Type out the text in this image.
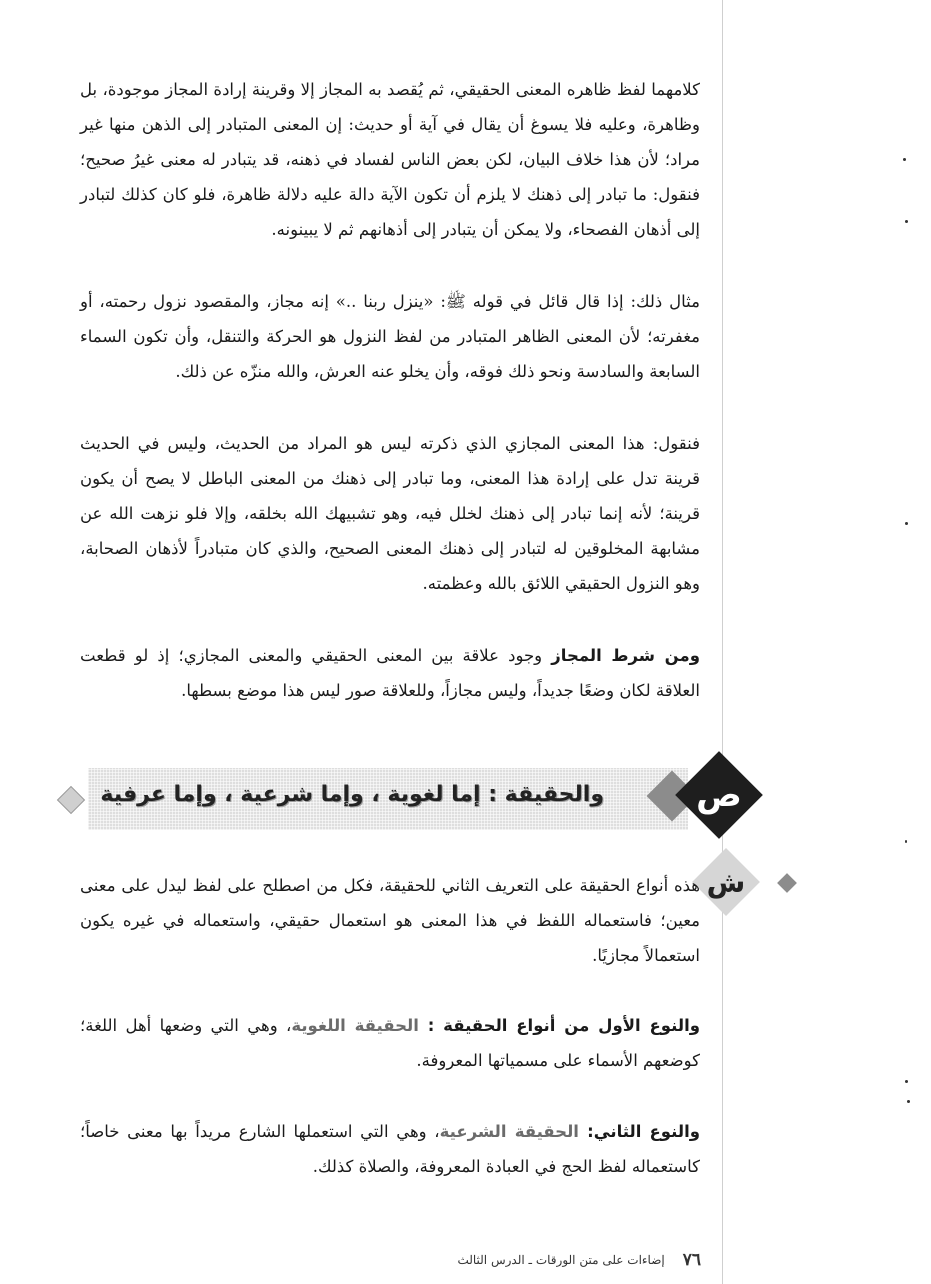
كلامهما لفظ ظاهره المعنى الحقيقي، ثم يُقصد به المجاز إلا وقرينة إرادة المجاز موجودة، بل وظاهرة، وعليه فلا يسوغ أن يقال في آية أو حديث: إن المعنى المتبادر إلى الذهن منها غير مراد؛ لأن هذا خلاف البيان، لكن بعض الناس لفساد في ذهنه، قد يتبادر له معنى غيرُ صحيح؛ فنقول: ما تبادر إلى ذهنك لا يلزم أن تكون الآية دالة عليه دلالة ظاهرة، فلو كان كذلك لتبادر إلى أذهان الفصحاء، ولا يمكن أن يتبادر إلى أذهانهم ثم لا يبينونه.

مثال ذلك: إذا قال قائل في قوله ﷺ: «ينزل ربنا ..» إنه مجاز، والمقصود نزول رحمته، أو مغفرته؛ لأن المعنى الظاهر المتبادر من لفظ النزول هو الحركة والتنقل، وأن تكون السماء السابعة والسادسة ونحو ذلك فوقه، وأن يخلو عنه العرش، والله منزّه عن ذلك.

فنقول: هذا المعنى المجازي الذي ذكرته ليس هو المراد من الحديث، وليس في الحديث قرينة تدل على إرادة هذا المعنى، وما تبادر إلى ذهنك من المعنى الباطل لا يصح أن يكون قرينة؛ لأنه إنما تبادر إلى ذهنك لخلل فيه، وهو تشبيهك الله بخلقه، وإلا فلو نزهت الله عن مشابهة المخلوقين له لتبادر إلى ذهنك المعنى الصحيح، والذي كان متبادراً لأذهان الصحابة، وهو النزول الحقيقي اللائق بالله وعظمته.

ومن شرط المجاز وجود علاقة بين المعنى الحقيقي والمعنى المجازي؛ إذ لو قطعت العلاقة لكان وضعًا جديداً، وليس مجازاً، وللعلاقة صور ليس هذا موضع بسطها.

والحقيقة : إما لغوية ، وإما شرعية ، وإما عرفية	ص
ش

هذه أنواع الحقيقة على التعريف الثاني للحقيقة، فكل من اصطلح على لفظ ليدل على معنى معين؛ فاستعماله اللفظ في هذا المعنى هو استعمال حقيقي، واستعماله في غيره يكون استعمالاً مجازيًا.

والنوع الأول من أنواع الحقيقة : الحقيقة اللغوية، وهي التي وضعها أهل اللغة؛ كوضعهم الأسماء على مسمياتها المعروفة.

والنوع الثاني: الحقيقة الشرعية، وهي التي استعملها الشارع مريداً بها معنى خاصاً؛ كاستعماله لفظ الحج في العبادة المعروفة، والصلاة كذلك.

٧٦
إضاءات على متن الورقات ـ الدرس الثالث
